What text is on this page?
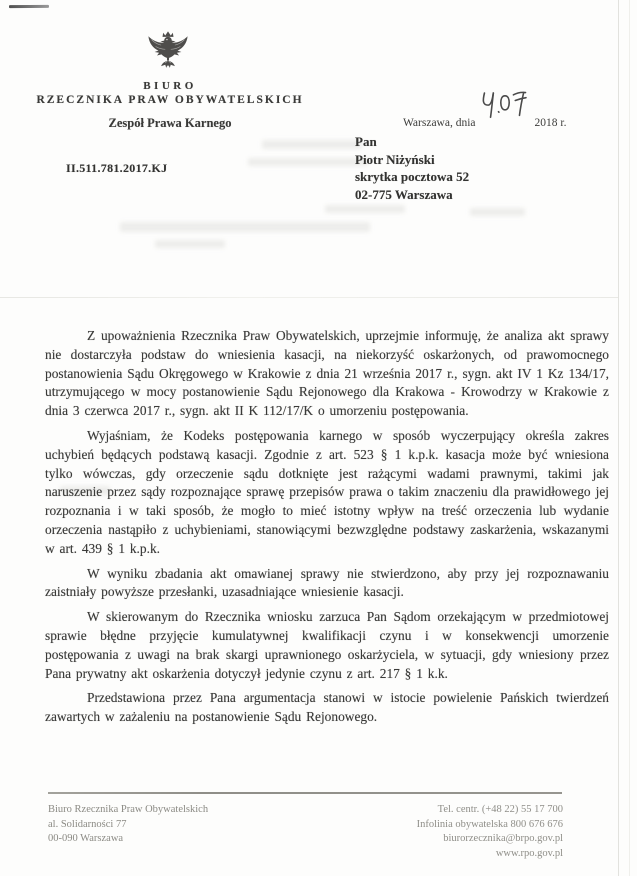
BIURO
RZECZNIKA PRAW OBYWATELSKICH
Warszawa, dnia	2018 r.
Zespół Prawa Karnego
II.511.781.2017.KJ
Pan
Piotr Niżyński
skrytka pocztowa 52
02-775 Warszawa

Z upoważnienia Rzecznika Praw Obywatelskich, uprzejmie informuję, że analiza akt sprawy nie dostarczyła podstaw do wniesienia kasacji, na niekorzyść oskarżonych, od prawomocnego postanowienia Sądu Okręgowego w Krakowie z dnia 21 września 2017 r., sygn. akt IV 1 Kz 134/17, utrzymującego w mocy postanowienie Sądu Rejonowego dla Krakowa - Krowodrzy w Krakowie z dnia 3 czerwca 2017 r., sygn. akt II K 112/17/K o umorzeniu postępowania.

Wyjaśniam, że Kodeks postępowania karnego w sposób wyczerpujący określa zakres uchybień będących podstawą kasacji. Zgodnie z art. 523 § 1 k.p.k. kasacja może być wniesiona tylko wówczas, gdy orzeczenie sądu dotknięte jest rażącymi wadami prawnymi, takimi jak naruszenie przez sądy rozpoznające sprawę przepisów prawa o takim znaczeniu dla prawidłowego jej rozpoznania i w taki sposób, że mogło to mieć istotny wpływ na treść orzeczenia lub wydanie orzeczenia nastąpiło z uchybieniami, stanowiącymi bezwzględne podstawy zaskarżenia, wskazanymi w art. 439 § 1 k.p.k.

W wyniku zbadania akt omawianej sprawy nie stwierdzono, aby przy jej rozpoznawaniu zaistniały powyższe przesłanki, uzasadniające wniesienie kasacji.

W skierowanym do Rzecznika wniosku zarzuca Pan Sądom orzekającym w przedmiotowej sprawie błędne przyjęcie kumulatywnej kwalifikacji czynu i w konsekwencji umorzenie postępowania z uwagi na brak skargi uprawnionego oskarżyciela, w sytuacji, gdy wniesiony przez Pana prywatny akt oskarżenia dotyczył jedynie czynu z art. 217 § 1 k.k.

Przedstawiona przez Pana argumentacja stanowi w istocie powielenie Pańskich twierdzeń zawartych w zażaleniu na postanowienie Sądu Rejonowego.

Biuro Rzecznika Praw Obywatelskich
al. Solidarności 77
00-090 Warszawa
Tel. centr. (+48 22) 55 17 700
Infolinia obywatelska 800 676 676
biurorzecznika@brpo.gov.pl
www.rpo.gov.pl
